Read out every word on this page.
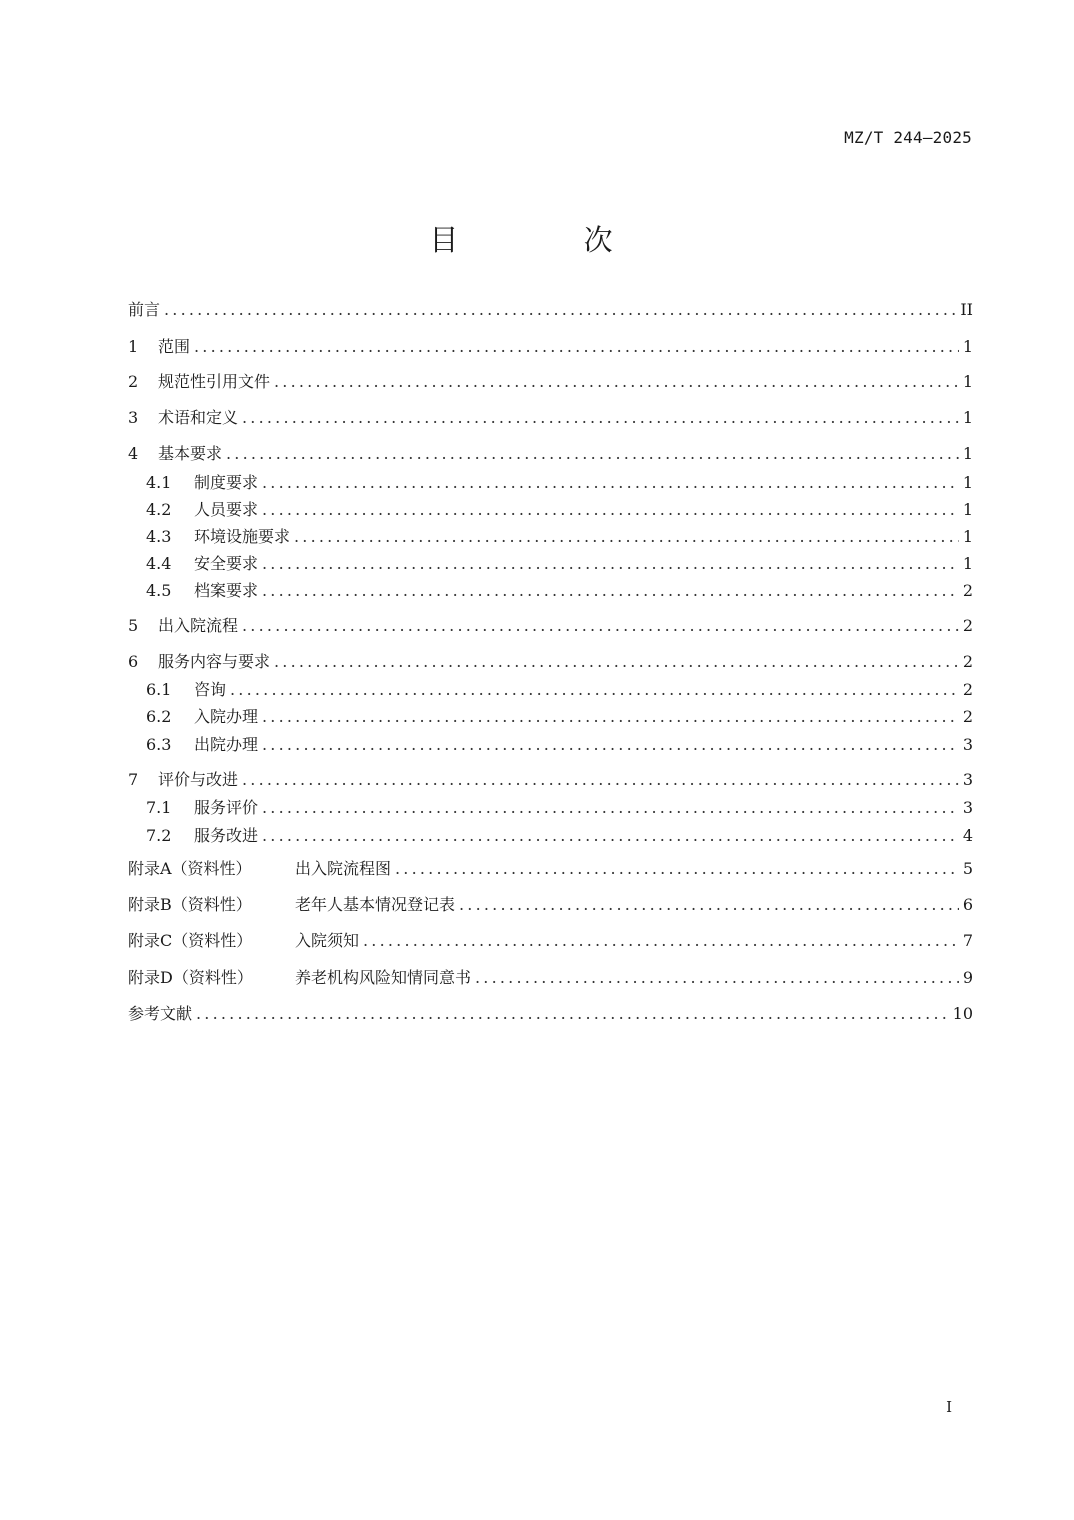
MZ/T 244—2025
目 次
前言 .....	II
1	范围 .....	1
2	规范性引用文件 .....	1
3	术语和定义 .....	1
4	基本要求 .....	1
4.1	制度要求 .....	1
4.2	人员要求 .....	1
4.3	环境设施要求 .....	1
4.4	安全要求 .....	1
4.5	档案要求 .....	2
5	出入院流程 .....	2
6	服务内容与要求 .....	2
6.1	咨询 .....	2
6.2	入院办理 .....	2
6.3	出院办理 .....	3
7	评价与改进 .....	3
7.1	服务评价 .....	3
7.2	服务改进 .....	4
附录A（资料性）	出入院流程图 .....	5
附录B（资料性）	老年人基本情况登记表 .....	6
附录C（资料性）	入院须知 .....	7
附录D（资料性）	养老机构风险知情同意书 .....	9
参考文献 .....	10
I
